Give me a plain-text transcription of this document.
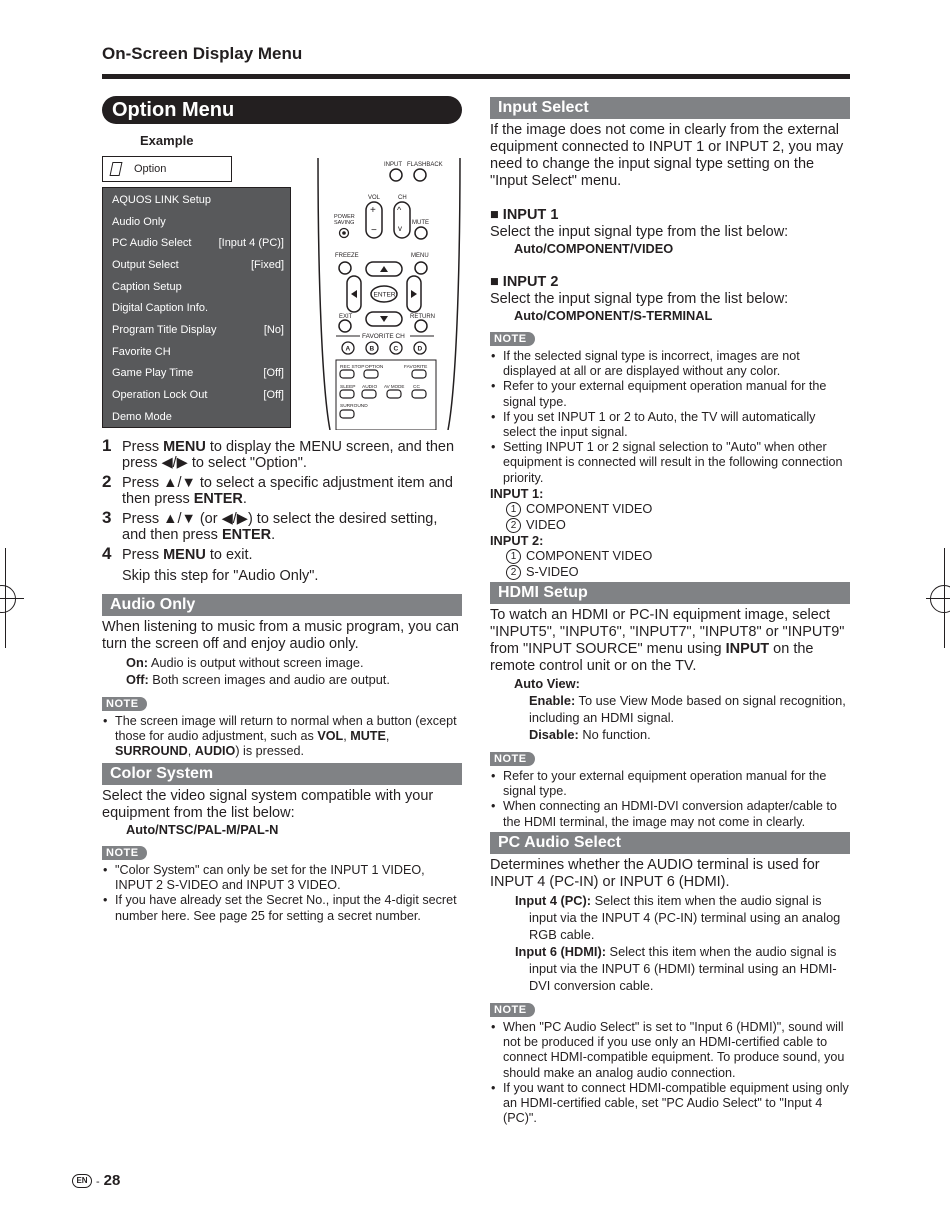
On-Screen Display Menu
Option Menu
Example
Option
AQUOS LINK Setup
Audio Only
PC Audio Select [Input 4 (PC)]
Output Select	[Fixed]
Caption Setup
Digital Caption Info.
Program Title Display	[No]
Favorite CH
Game Play Time	[Off]
Operation Lock Out	[Off]
Demo Mode
INPUT FLASHBACK
VOL	CH
+
−
^
v
POWER
SAVING	MUTE
FREEZE	MENU
ENTER
EXIT	RETURN
FAVORITE CH
A	B	C	D
REC STOP OPTION	FAVORITE
SLEEP AUDIO AV MODE CC
SURROUND
1 Press MENU to display the MENU screen, and then press ◀/▶ to select "Option".
2 Press ▲/▼ to select a specific adjustment item and then press ENTER.
3 Press ▲/▼ (or ◀/▶) to select the desired setting, and then press ENTER.
4 Press MENU to exit.
Skip this step for "Audio Only".
Audio Only
When listening to music from a music program, you can turn the screen off and enjoy audio only.
On: Audio is output without screen image.
Off: Both screen images and audio are output.
NOTE
• The screen image will return to normal when a button (except those for audio adjustment, such as VOL, MUTE, SURROUND, AUDIO) is pressed.
Color System
Select the video signal system compatible with your equipment from the list below:
Auto/NTSC/PAL-M/PAL-N
NOTE
• "Color System" can only be set for the INPUT 1 VIDEO, INPUT 2 S-VIDEO and INPUT 3 VIDEO.
• If you have already set the Secret No., input the 4-digit secret number here. See page 25 for setting a secret number.
Input Select
If the image does not come in clearly from the external equipment connected to INPUT 1 or INPUT 2, you may need to change the input signal type setting on the "Input Select" menu.
■ INPUT 1
Select the input signal type from the list below:
Auto/COMPONENT/VIDEO
■ INPUT 2
Select the input signal type from the list below:
Auto/COMPONENT/S-TERMINAL
NOTE
• If the selected signal type is incorrect, images are not displayed at all or are displayed without any color.
• Refer to your external equipment operation manual for the signal type.
• If you set INPUT 1 or 2 to Auto, the TV will automatically select the input signal.
• Setting INPUT 1 or 2 signal selection to "Auto" when other equipment is connected will result in the following connection priority.
INPUT 1:
1 COMPONENT VIDEO
2 VIDEO
INPUT 2:
1 COMPONENT VIDEO
2 S-VIDEO
HDMI Setup
To watch an HDMI or PC-IN equipment image, select "INPUT5", "INPUT6", "INPUT7", "INPUT8" or "INPUT9" from "INPUT SOURCE" menu using INPUT on the remote control unit or on the TV.
Auto View:
Enable: To use View Mode based on signal recognition, including an HDMI signal.
Disable: No function.
NOTE
• Refer to your external equipment operation manual for the signal type.
• When connecting an HDMI-DVI conversion adapter/cable to the HDMI terminal, the image may not come in clearly.
PC Audio Select
Determines whether the AUDIO terminal is used for INPUT 4 (PC-IN) or INPUT 6 (HDMI).
Input 4 (PC): Select this item when the audio signal is input via the INPUT 4 (PC-IN) terminal using an analog RGB cable.
Input 6 (HDMI): Select this item when the audio signal is input via the INPUT 6 (HDMI) terminal using an HDMI-DVI conversion cable.
NOTE
• When "PC Audio Select" is set to "Input 6 (HDMI)", sound will not be produced if you use only an HDMI-certified cable to connect HDMI-compatible equipment. To produce sound, you should make an analog audio connection.
• If you want to connect HDMI-compatible equipment using only an HDMI-certified cable, set "PC Audio Select" to "Input 4 (PC)".
EN - 28
